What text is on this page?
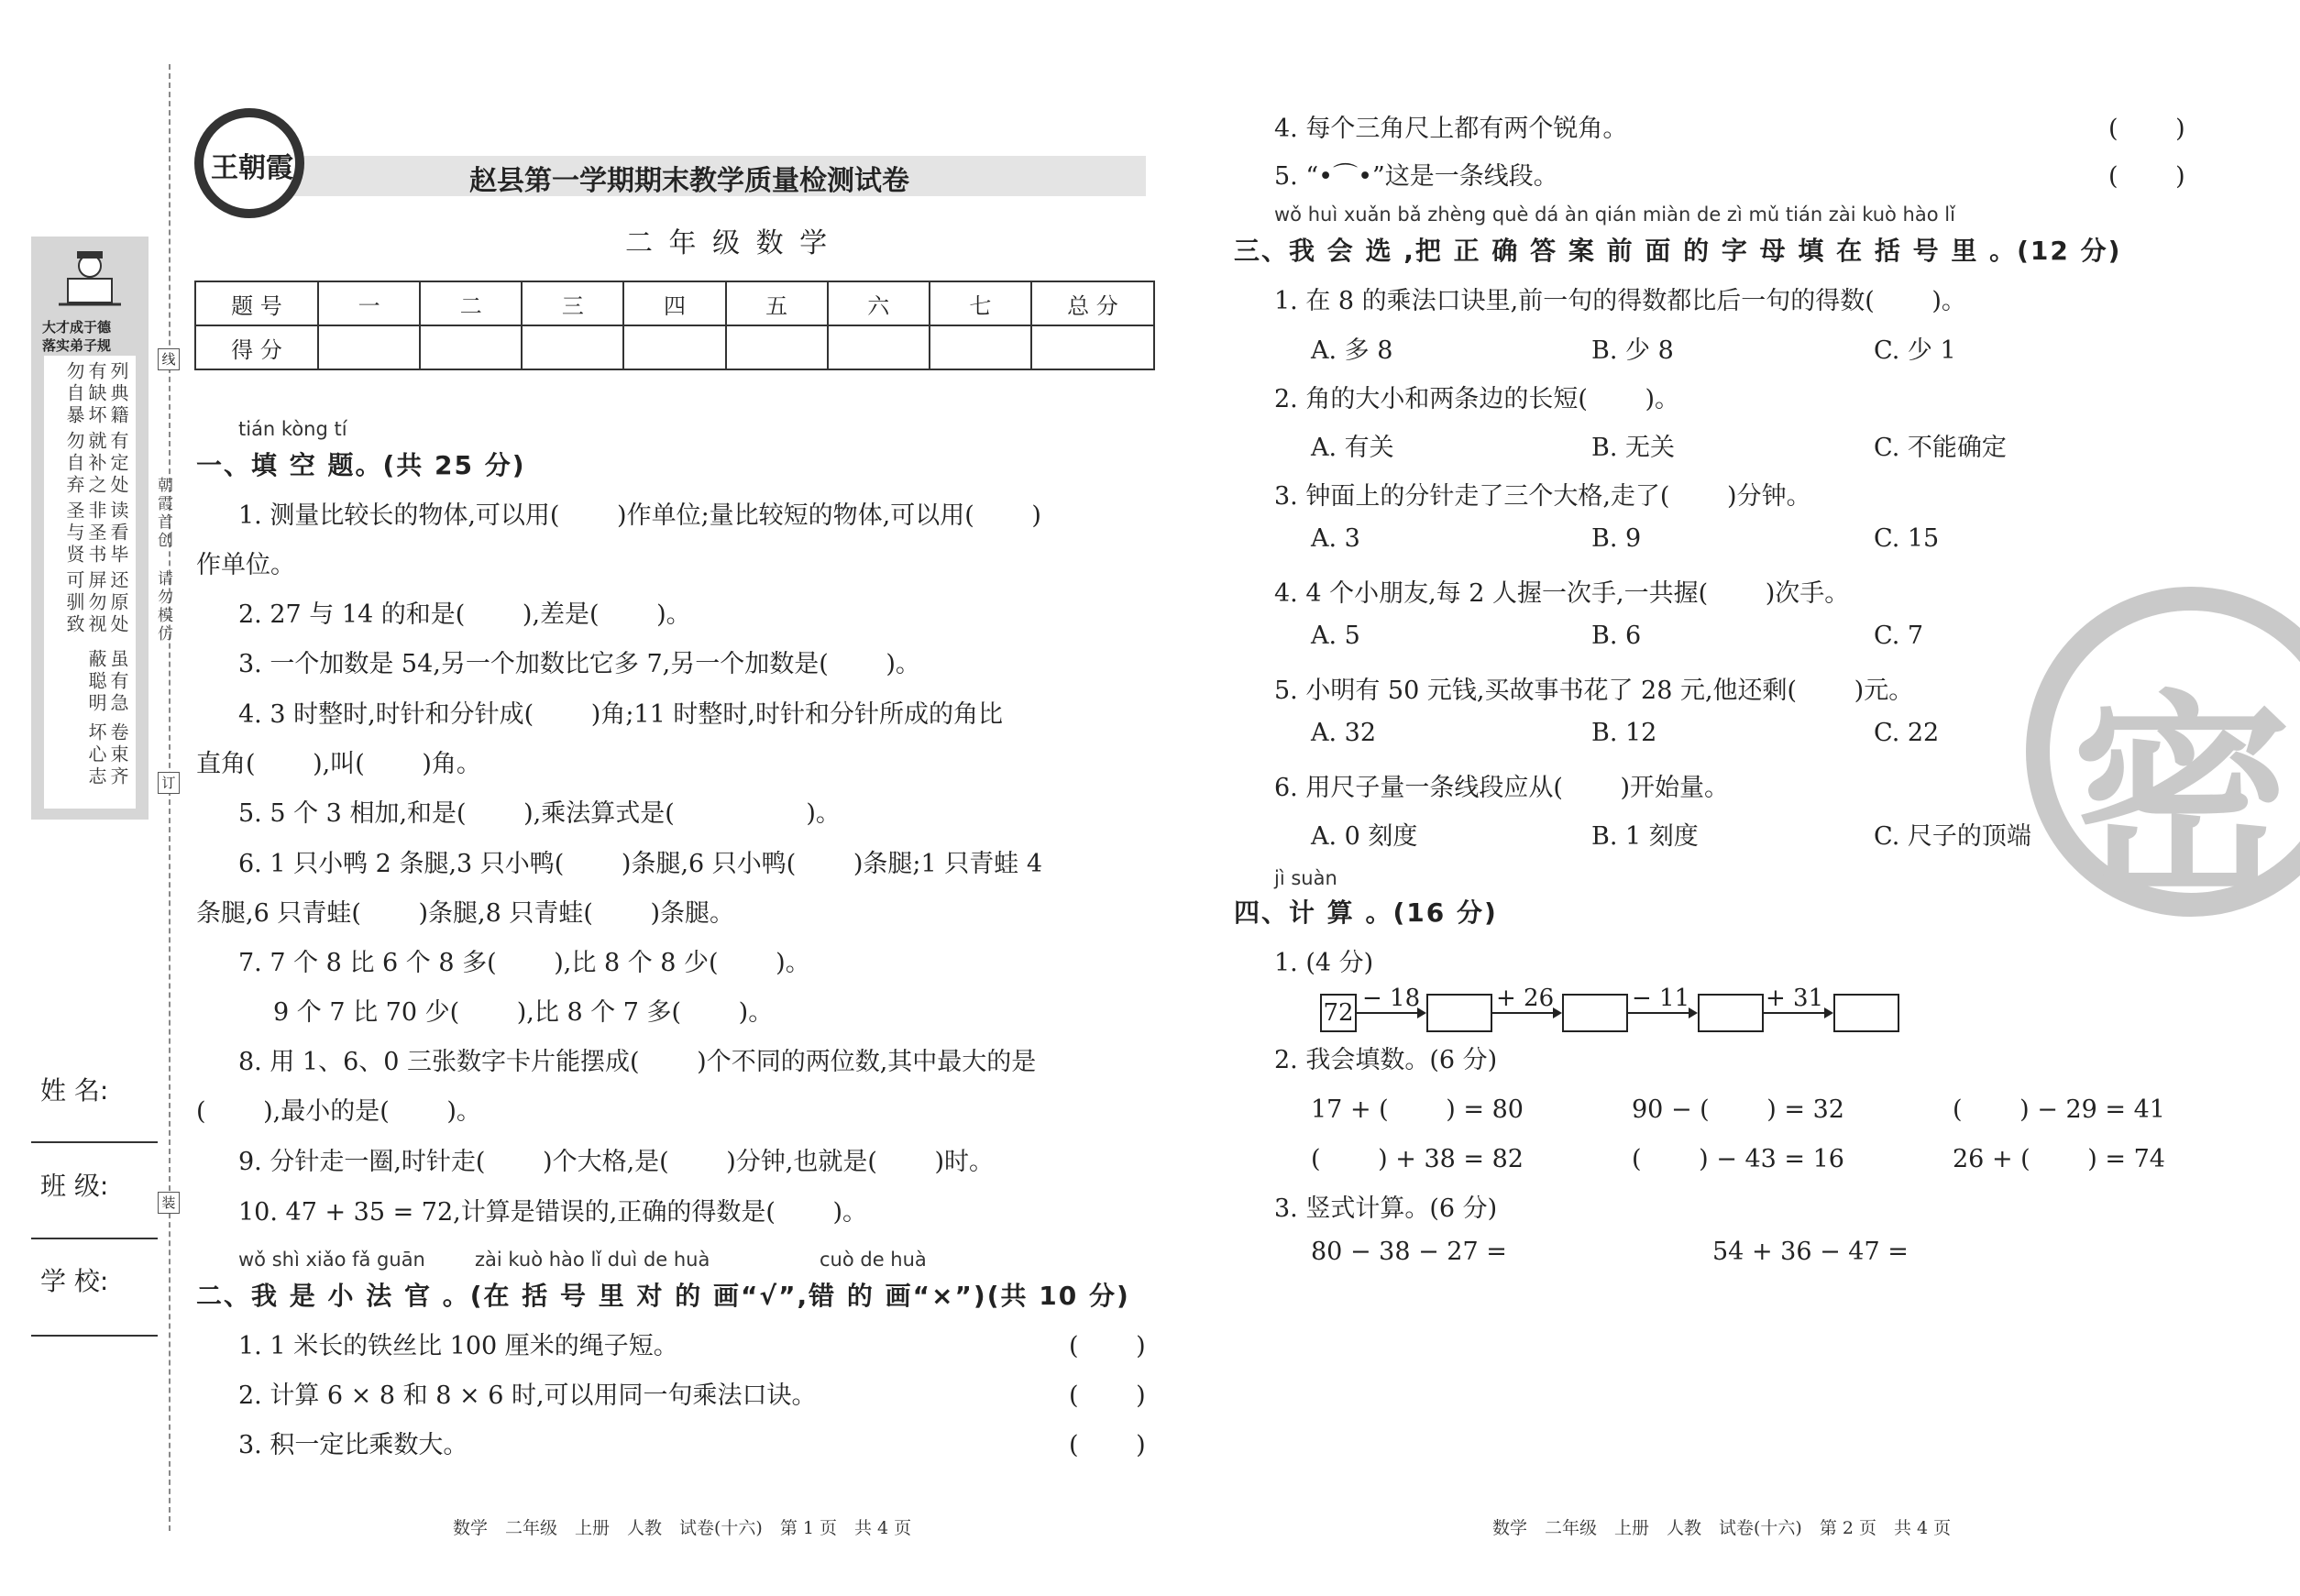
大才成于德
落实弟子规
列典籍
有缺坏
勿自暴
有定处
就补之
勿自弃
读看毕
非圣书
圣与贤
还原处
屏勿视
可驯致
虽有急
蔽聪明
卷束齐
坏心志
朝霞首创
请勿模仿
线
订
装
姓 名:
班 级:
学 校:
王朝霞	赵县第一学期期末教学质量检测试卷
二 年 级 数 学
题 号	一	二	三	四	五	六	七	总 分
得 分								
tián kòng tí
一、填 空 题。(共 25 分)
1. 测量比较长的物体,可以用(　　 )作单位;量比较短的物体,可以用(　　 )
作单位。
2. 27 与 14 的和是(　　 ),差是(　　 )。
3. 一个加数是 54,另一个加数比它多 7,另一个加数是(　　 )。
4. 3 时整时,时针和分针成(　　 )角;11 时整时,时针和分针所成的角比
直角(　　 ),叫(　　 )角。
5. 5 个 3 相加,和是(　　 ),乘法算式是(　　　　　 )。
6. 1 只小鸭 2 条腿,3 只小鸭(　　 )条腿,6 只小鸭(　　 )条腿;1 只青蛙 4
条腿,6 只青蛙(　　 )条腿,8 只青蛙(　　 )条腿。
7. 7 个 8 比 6 个 8 多(　　 ),比 8 个 8 少(　　 )。
9 个 7 比 70 少(　　 ),比 8 个 7 多(　　 )。
8. 用 1、6、0 三张数字卡片能摆成(　　 )个不同的两位数,其中最大的是
(　　 ),最小的是(　　 )。
9. 分针走一圈,时针走(　　 )个大格,是(　　 )分钟,也就是(　　 )时。
10. 47 + 35 = 72,计算是错误的,正确的得数是(　　 )。
wǒ shì xiǎo fǎ guān	zài kuò hào lǐ duì de huà	cuò de huà
二、我 是 小 法 官 。(在 括 号 里 对 的 画“√”,错 的 画“×”)(共 10 分)
1. 1 米长的铁丝比 100 厘米的绳子短。	(　　 )
2. 计算 6 × 8 和 8 × 6 时,可以用同一句乘法口诀。	(　　 )
3. 积一定比乘数大。	(　　 )
数学　二年级　上册　人教　试卷(十六)　第 1 页　共 4 页
密
4. 每个三角尺上都有两个锐角。	(　　 )
5. “•⌒•”这是一条线段。	(　　 )
wǒ huì xuǎn bǎ zhèng què dá àn qián miàn de zì mǔ tián zài kuò hào lǐ
三、我 会 选 ,把 正 确 答 案 前 面 的 字 母 填 在 括 号 里 。(12 分)
1. 在 8 的乘法口诀里,前一句的得数都比后一句的得数(　　 )。
A. 多 8	B. 少 8	C. 少 1
2. 角的大小和两条边的长短(　　 )。
A. 有关	B. 无关	C. 不能确定
3. 钟面上的分针走了三个大格,走了(　　 )分钟。
A. 3	B. 9	C. 15
4. 4 个小朋友,每 2 人握一次手,一共握(　　 )次手。
A. 5	B. 6	C. 7
5. 小明有 50 元钱,买故事书花了 28 元,他还剩(　　 )元。
A. 32	B. 12	C. 22
6. 用尺子量一条线段应从(　　 )开始量。
A. 0 刻度	B. 1 刻度	C. 尺子的顶端
jì suàn
四、计 算 。(16 分)
1. (4 分)
72
− 18	+ 26	− 11	+ 31
2. 我会填数。(6 分)
17 + (　　 ) = 80	90 − (　　 ) = 32	(　　 ) − 29 = 41
(　　 ) + 38 = 82	(　　 ) − 43 = 16	26 + (　　 ) = 74
3. 竖式计算。(6 分)
80 − 38 − 27 =	54 + 36 − 47 =
数学　二年级　上册　人教　试卷(十六)　第 2 页　共 4 页
